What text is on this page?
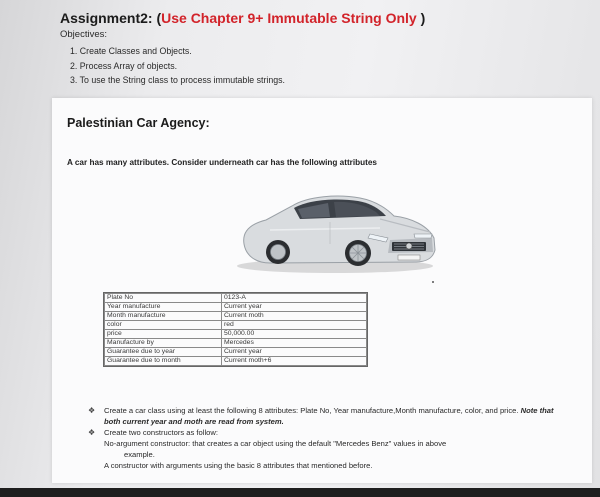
Assignment2: (Use Chapter 9+ Immutable String Only )
Objectives:
1. Create Classes and Objects.
2. Process Array of objects.
3. To use the String class to process immutable strings.
Palestinian Car Agency:
A car has many attributes. Consider underneath car has the following attributes
Plate No	0123-A
Year manufacture	Current year
Month manufacture	Current moth
color	red
price	50,000.00
Manufacture by	Mercedes
Guarantee due to year	Current year
Guarantee due to month	Current moth+6
❖ Create a car class using at least the following 8 attributes: Plate No, Year manufacture,Month manufacture, color, and price. Note that both current year and moth are read from system.
❖ Create two constructors as follow:
No-argument constructor: that creates a car object using the default "Mercedes Benz" values in above
example.
A constructor with arguments using the basic 8 attributes that mentioned before.
